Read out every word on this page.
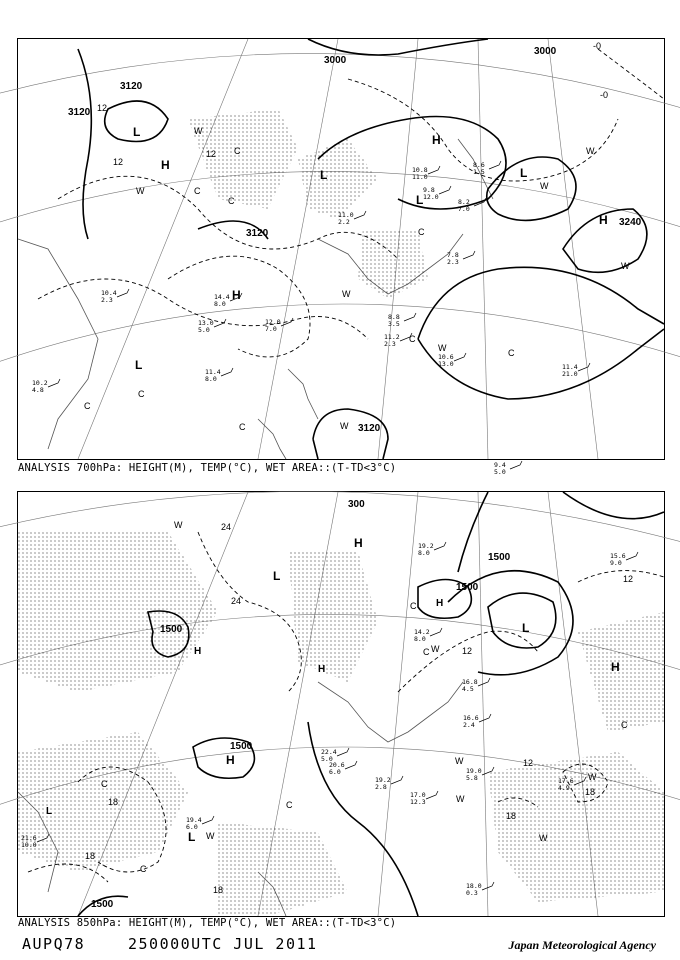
H
L
L
L
H
H
L
L
H
W
C
W
C
C
W
C
W	C
W
C
C
W
C
W
C
W
3120
3120
3000
3000
3120
3240
3120
12
12
12
-0
-0
10.4 2.3
10.2 4.8
11.2 2.3
10.6 13.0	11.4 21.0
9.4 5.0
13.0 5.0
11.4 8.0
14.4 8.0
12.0 7.0
8.8 3.5
7.8 2.3
10.8 11.0
8.6 1.5
9.8 12.0
11.0 2.2
8.2 7.0
ANALYSIS 700hPa: HEIGHT(M), TEMP(°C), WET AREA::(T-TD<3°C)
H
L
H
H
L
H
L
H
L
H
W
C
W
C
W
C
W
C
W
C
W
C
W
1500
1500
1500
1500
1500
300
24
24
18
18
18
18
12
12
12
18
21.6 10.0
19.4 6.0
22.4 5.0
20.6 6.0
19.2 2.8
17.0 12.3
16.8 4.5
16.6 2.4
19.0 5.8	17.6 4.9
18.0 0.3
15.6 9.0
19.2 8.0
14.2 8.0
ANALYSIS 850hPa: HEIGHT(M), TEMP(°C), WET AREA::(T-TD<3°C)
AUPQ78	250000UTC JUL 2011	Japan Meteorological Agency
